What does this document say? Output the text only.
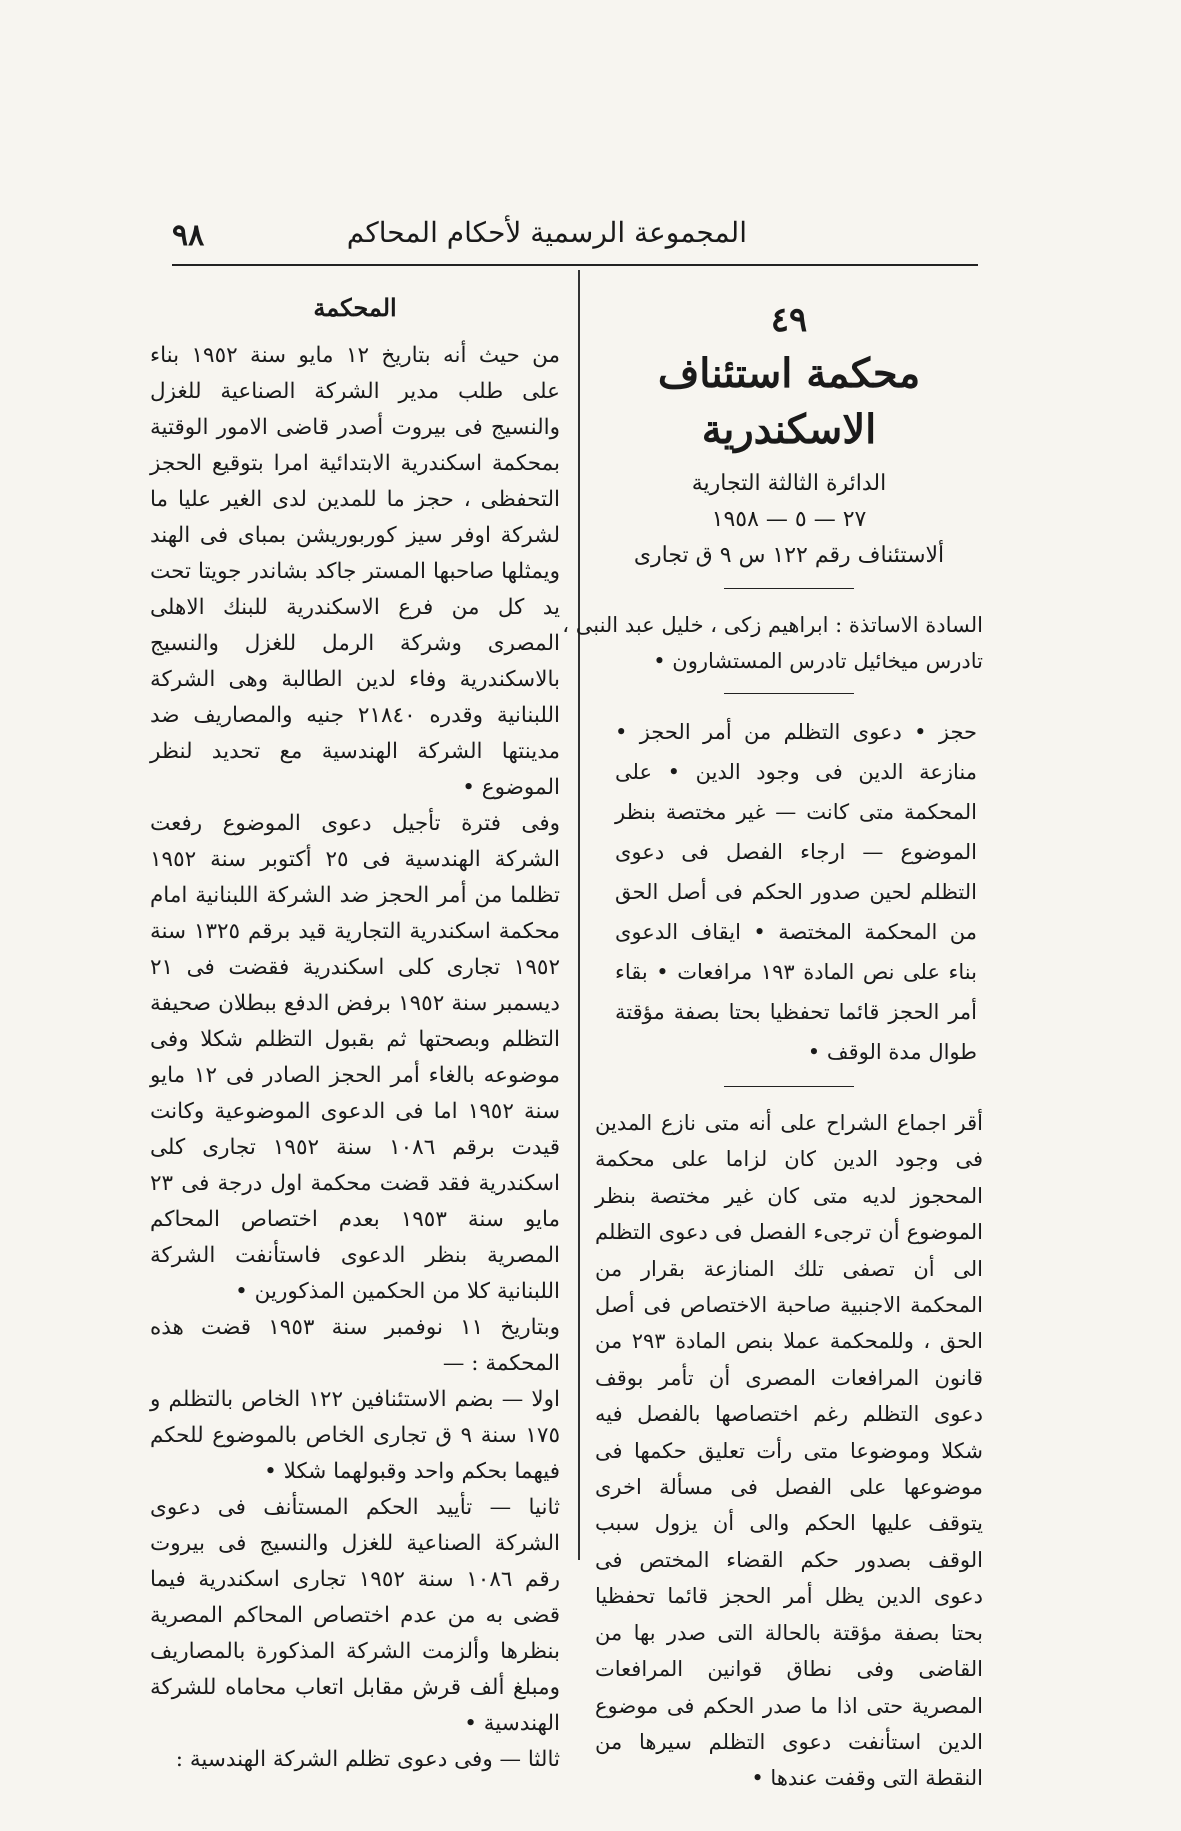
٩٨	المجموعة الرسمية لأحكام المحاكم
٤٩
محكمة استئناف الاسكندرية
الدائرة الثالثة التجارية
٢٧ — ٥ — ١٩٥٨
ألاستئناف رقم ١٢٢ س ٩ ق تجارى
السادة الاساتذة : ابراهيم زكى ، خليل عبد النبى ،
تادرس ميخائيل تادرس المستشارون •

حجز • دعوى التظلم من أمر الحجز • منازعة الدين فى وجود الدين • على المحكمة متى كانت — غير مختصة بنظر الموضوع — ارجاء الفصل فى دعوى التظلم لحين صدور الحكم فى أصل الحق من المحكمة المختصة • ايقاف الدعوى بناء على نص المادة ١٩٣ مرافعات • بقاء أمر الحجز قائما تحفظيا بحتا بصفة مؤقتة طوال مدة الوقف •

أقر اجماع الشراح على أنه متى نازع المدين فى وجود الدين كان لزاما على محكمة المحجوز لديه متى كان غير مختصة بنظر الموضوع أن ترجىء الفصل فى دعوى التظلم الى أن تصفى تلك المنازعة بقرار من المحكمة الاجنبية صاحبة الاختصاص فى أصل الحق ، وللمحكمة عملا بنص المادة ٢٩٣ من قانون المرافعات المصرى أن تأمر بوقف دعوى التظلم رغم اختصاصها بالفصل فيه شكلا وموضوعا متى رأت تعليق حكمها فى موضوعها على الفصل فى مسألة اخرى يتوقف عليها الحكم والى أن يزول سبب الوقف بصدور حكم القضاء المختص فى دعوى الدين يظل أمر الحجز قائما تحفظيا بحتا بصفة مؤقتة بالحالة التى صدر بها من القاضى وفى نطاق قوانين المرافعات المصرية حتى اذا ما صدر الحكم فى موضوع الدين استأنفت دعوى التظلم سيرها من النقطة التى وقفت عندها •

المحكمة

من حيث أنه بتاريخ ١٢ مايو سنة ١٩٥٢ بناء على طلب مدير الشركة الصناعية للغزل والنسيج فى بيروت أصدر قاضى الامور الوقتية بمحكمة اسكندرية الابتدائية امرا بتوقيع الحجز التحفظى ، حجز ما للمدين لدى الغير عليا ما لشركة اوفر سيز كوربوريشن بمباى فى الهند ويمثلها صاحبها المستر جاكد بشاندر جويتا تحت يد كل من فرع الاسكندرية للبنك الاهلى المصرى وشركة الرمل للغزل والنسيج بالاسكندرية وفاء لدين الطالبة وهى الشركة اللبنانية وقدره ٢١٨٤٠ جنيه والمصاريف ضد مدينتها الشركة الهندسية مع تحديد لنظر الموضوع •

وفى فترة تأجيل دعوى الموضوع رفعت الشركة الهندسية فى ٢٥ أكتوبر سنة ١٩٥٢ تظلما من أمر الحجز ضد الشركة اللبنانية امام محكمة اسكندرية التجارية قيد برقم ١٣٢٥ سنة ١٩٥٢ تجارى كلى اسكندرية فقضت فى ٢١ ديسمبر سنة ١٩٥٢ برفض الدفع ببطلان صحيفة التظلم وبصحتها ثم بقبول التظلم شكلا وفى موضوعه بالغاء أمر الحجز الصادر فى ١٢ مايو سنة ١٩٥٢ اما فى الدعوى الموضوعية وكانت قيدت برقم ١٠٨٦ سنة ١٩٥٢ تجارى كلى اسكندرية فقد قضت محكمة اول درجة فى ٢٣ مايو سنة ١٩٥٣ بعدم اختصاص المحاكم المصرية بنظر الدعوى فاستأنفت الشركة اللبنانية كلا من الحكمين المذكورين •

وبتاريخ ١١ نوفمبر سنة ١٩٥٣ قضت هذه المحكمة : —

اولا — بضم الاستئنافين ١٢٢ الخاص بالتظلم و ١٧٥ سنة ٩ ق تجارى الخاص بالموضوع للحكم فيهما بحكم واحد وقبولهما شكلا •

ثانيا — تأييد الحكم المستأنف فى دعوى الشركة الصناعية للغزل والنسيج فى بيروت رقم ١٠٨٦ سنة ١٩٥٢ تجارى اسكندرية فيما قضى به من عدم اختصاص المحاكم المصرية بنظرها وألزمت الشركة المذكورة بالمصاريف ومبلغ ألف قرش مقابل اتعاب محاماه للشركة الهندسية •

ثالثا — وفى دعوى تظلم الشركة الهندسية :
